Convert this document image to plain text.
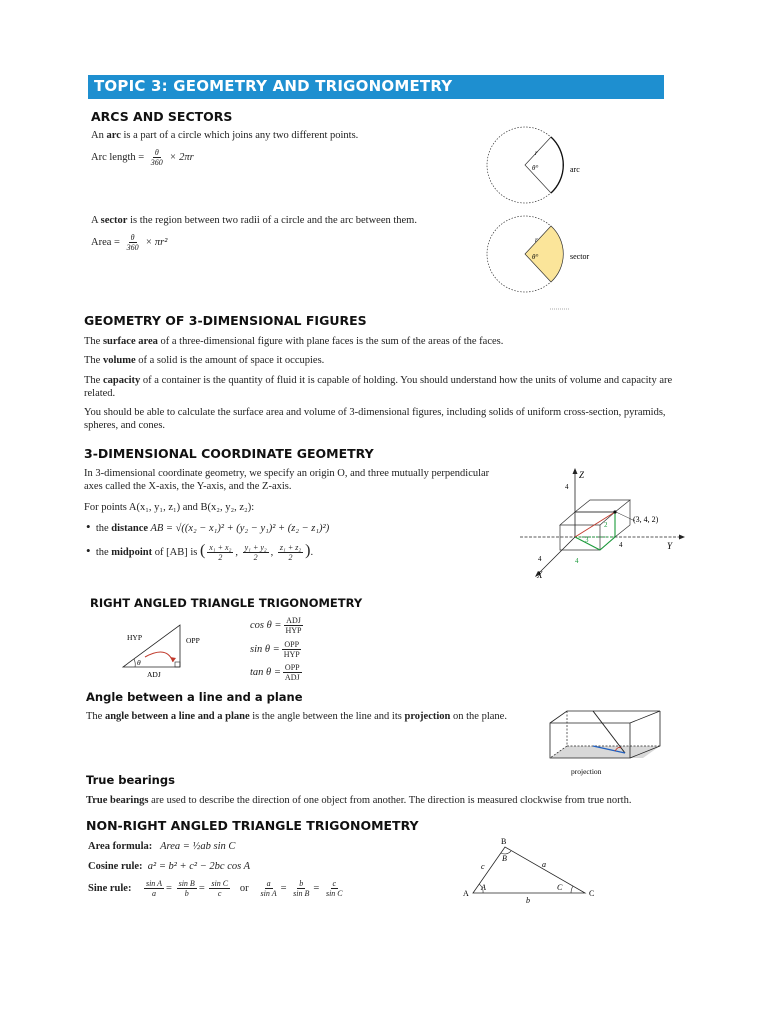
TOPIC 3: GEOMETRY AND TRIGONOMETRY
ARCS AND SECTORS
An arc is a part of a circle which joins any two different points.
Arc length = $\frac{\theta}{360} \times 2\pi r$	r
θ°	arc
A sector is the region between two radii of a circle and the arc between them.
Area = $\frac{\theta}{360} \times \pi r^2$	r
θ°	sector
GEOMETRY OF 3-DIMENSIONAL FIGURES
The surface area of a three-dimensional figure with plane faces is the sum of the areas of the faces.
The volume of a solid is the amount of space it occupies.
The capacity of a container is the quantity of fluid it is capable of holding. You should understand how the units of volume and capacity are related.
You should be able to calculate the surface area and volume of 3-dimensional figures, including solids of uniform cross-section, pyramids, spheres, and cones.
3-DIMENSIONAL COORDINATE GEOMETRY
In 3-dimensional coordinate geometry, we specify an origin O, and three mutually perpendicular axes called the X-axis, the Y-axis, and the Z-axis.
For points A(x₁, y₁, z₁) and B(x₂, y₂, z₂):
• the distance AB = √((x₂ − x₁)² + (y₂ − y₁)² + (z₂ − z₁)²)
• the midpoint of [AB] is ( $\frac{\text{x₁ + x₂}}{2}$ , $\frac{\text{y₁ + y₂}}{2}$ , $\frac{\text{z₁ + z₂}}{2}$ ).
Z
Y
X
(3, 4, 2)
4
4
4
3
2
4
RIGHT ANGLED TRIANGLE TRIGONOMETRY
HYP	OPP
ADJ
θ
$\cos \theta = \frac{\text{ADJ}}{\text{HYP}}$
$\sin \theta = \frac{\text{OPP}}{\text{HYP}}$
$\tan \theta = \frac{\text{OPP}}{\text{ADJ}}$
Angle between a line and a plane
The angle between a line and a plane is the angle between the line and its projection on the plane.
projection
True bearings
True bearings are used to describe the direction of one object from another. The direction is measured clockwise from true north.
NON-RIGHT ANGLED TRIANGLE TRIGONOMETRY
Area formula: Area = ½ab sin C
Cosine rule: a² = b² + c² − 2bc cos A
Sine rule: $\frac{\text{sin A}}{a} = \frac{\text{sin B}}{b} = \frac{\text{sin C}}{c}$ or $\frac{a}{\text{sin A}} = \frac{b}{\text{sin B}} = \frac{c}{\text{sin C}}$	A
B
C
A
B
C
a
b
c
